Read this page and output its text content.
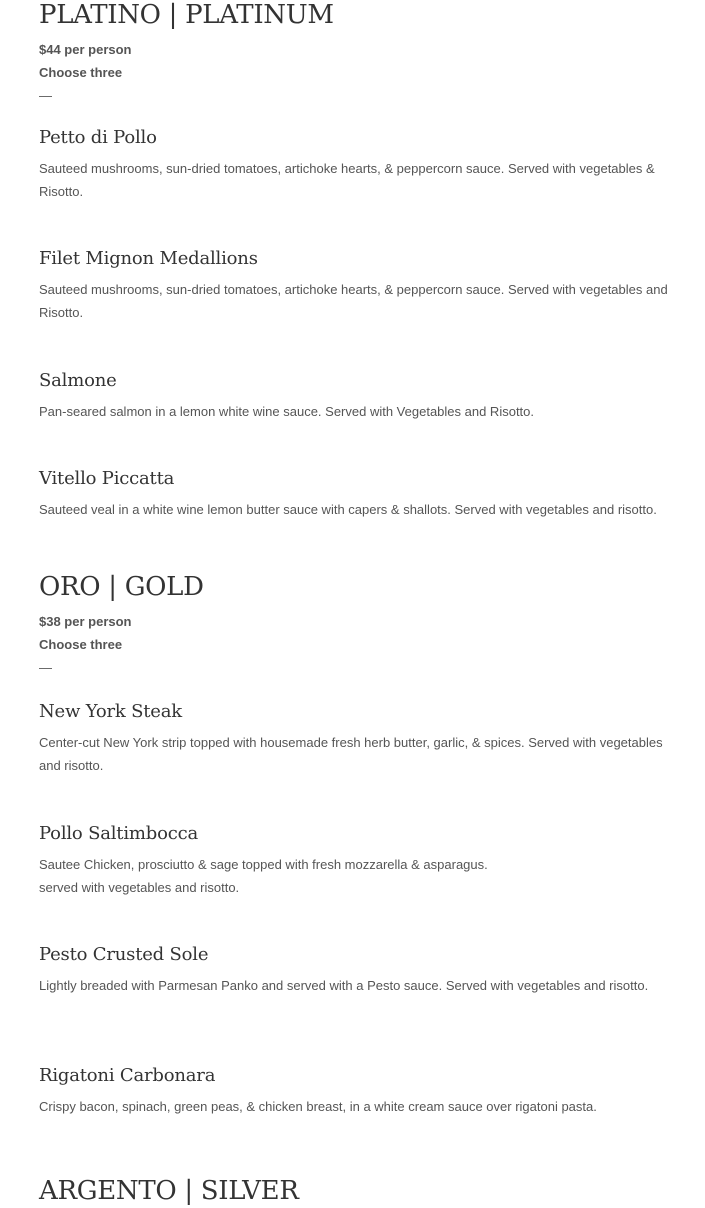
PLATINO | PLATINUM
$44 per person
Choose three
—
Petto di Pollo
Sauteed mushrooms, sun-dried tomatoes, artichoke hearts, & peppercorn sauce. Served with vegetables & Risotto.
Filet Mignon Medallions
Sauteed mushrooms, sun-dried tomatoes, artichoke hearts, & peppercorn sauce. Served with vegetables and Risotto.
Salmone
Pan-seared salmon in a lemon white wine sauce. Served with Vegetables and Risotto.
Vitello Piccatta
Sauteed veal in a white wine lemon butter sauce with capers & shallots. Served with vegetables and risotto.
ORO | GOLD
$38 per person
Choose three
—
New York Steak
Center-cut New York strip topped with housemade fresh herb butter, garlic, & spices. Served with vegetables and risotto.
Pollo Saltimbocca
Sautee Chicken, prosciutto & sage topped with fresh mozzarella & asparagus.
served with vegetables and risotto.
Pesto Crusted Sole
Lightly breaded with Parmesan Panko and served with a Pesto sauce. Served with vegetables and risotto.
Rigatoni Carbonara
Crispy bacon, spinach, green peas, & chicken breast, in a white cream sauce over rigatoni pasta.
ARGENTO | SILVER
